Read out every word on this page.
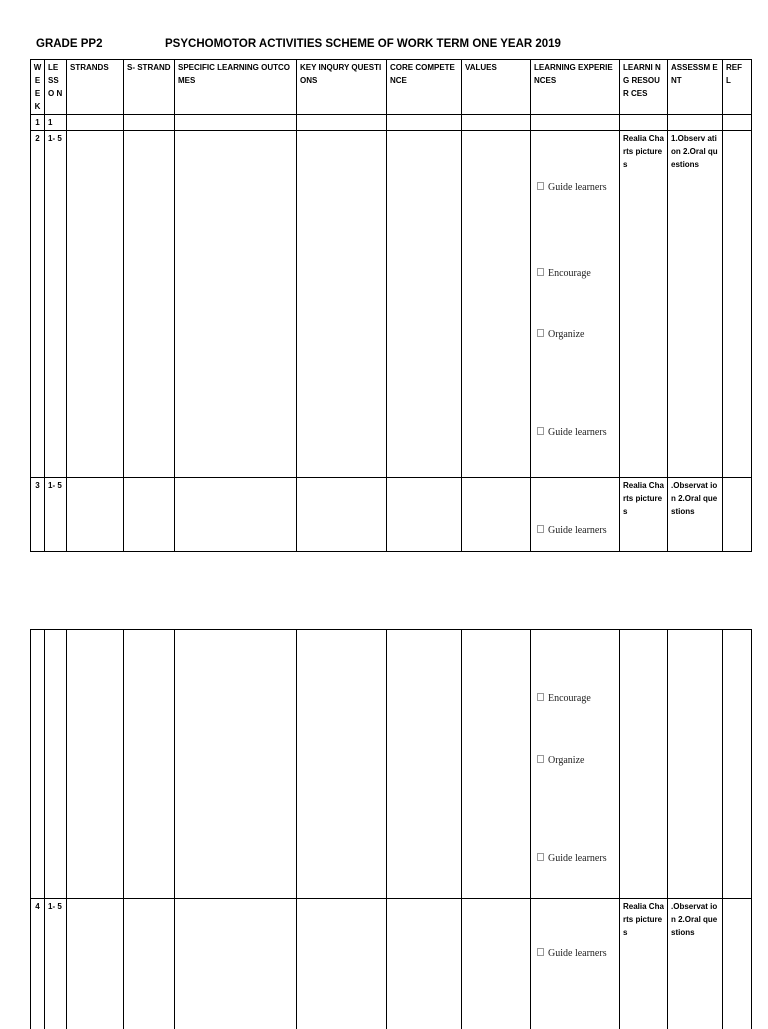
GRADE PP2	PSYCHOMOTOR ACTIVITIES SCHEME OF WORK TERM ONE YEAR 2019
W E E K	LE SS O N	STRANDS	S- STRAND	SPECIFIC LEARNING OUTCOMES	KEY INQURY QUESTIONS	CORE COMPETENCE	VALUES	LEARNING EXPERIENCES	LEARNI NG RESOUR CES	ASSESSM ENT	REF L
1	1										
2	1- 5							Guide learners
Encourage
Organize
Guide learners	Realia Charts pictures	1.Observ ation 2.Oral questions	
3	1- 5							Guide learners	Realia Charts pictures	.Observat ion 2.Oral questions	

								Encourage
Organize
Guide learners			

4	1- 5							Guide learners	Realia Charts pictures	.Observat ion 2.Oral questions	
